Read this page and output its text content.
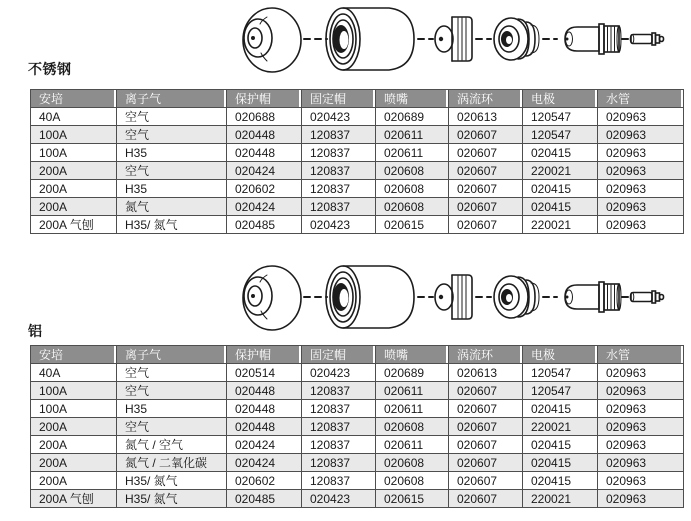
不锈钢
安培	离子气	保护帽	固定帽	喷嘴	涡流环	电极	水管
40A	空气	020688	020423	020689	020613	120547	020963
100A	空气	020448	120837	020611	020607	120547	020963
100A	H35	020448	120837	020611	020607	020415	020963
200A	空气	020424	120837	020608	020607	220021	020963
200A	H35	020602	120837	020608	020607	020415	020963
200A	氮气	020424	120837	020608	020607	020415	020963
200A 气刨	H35/ 氮气	020485	020423	020615	020607	220021	020963
铝
安培	离子气	保护帽	固定帽	喷嘴	涡流环	电极	水管
40A	空气	020514	020423	020689	020613	120547	020963
100A	空气	020448	120837	020611	020607	120547	020963
100A	H35	020448	120837	020611	020607	020415	020963
200A	空气	020448	120837	020608	020607	220021	020963
200A	氮气 / 空气	020424	120837	020611	020607	020415	020963
200A	氮气 / 二氧化碳	020424	120837	020608	020607	020415	020963
200A	H35/ 氮气	020602	120837	020608	020607	020415	020963
200A 气刨	H35/ 氮气	020485	020423	020615	020607	220021	020963
